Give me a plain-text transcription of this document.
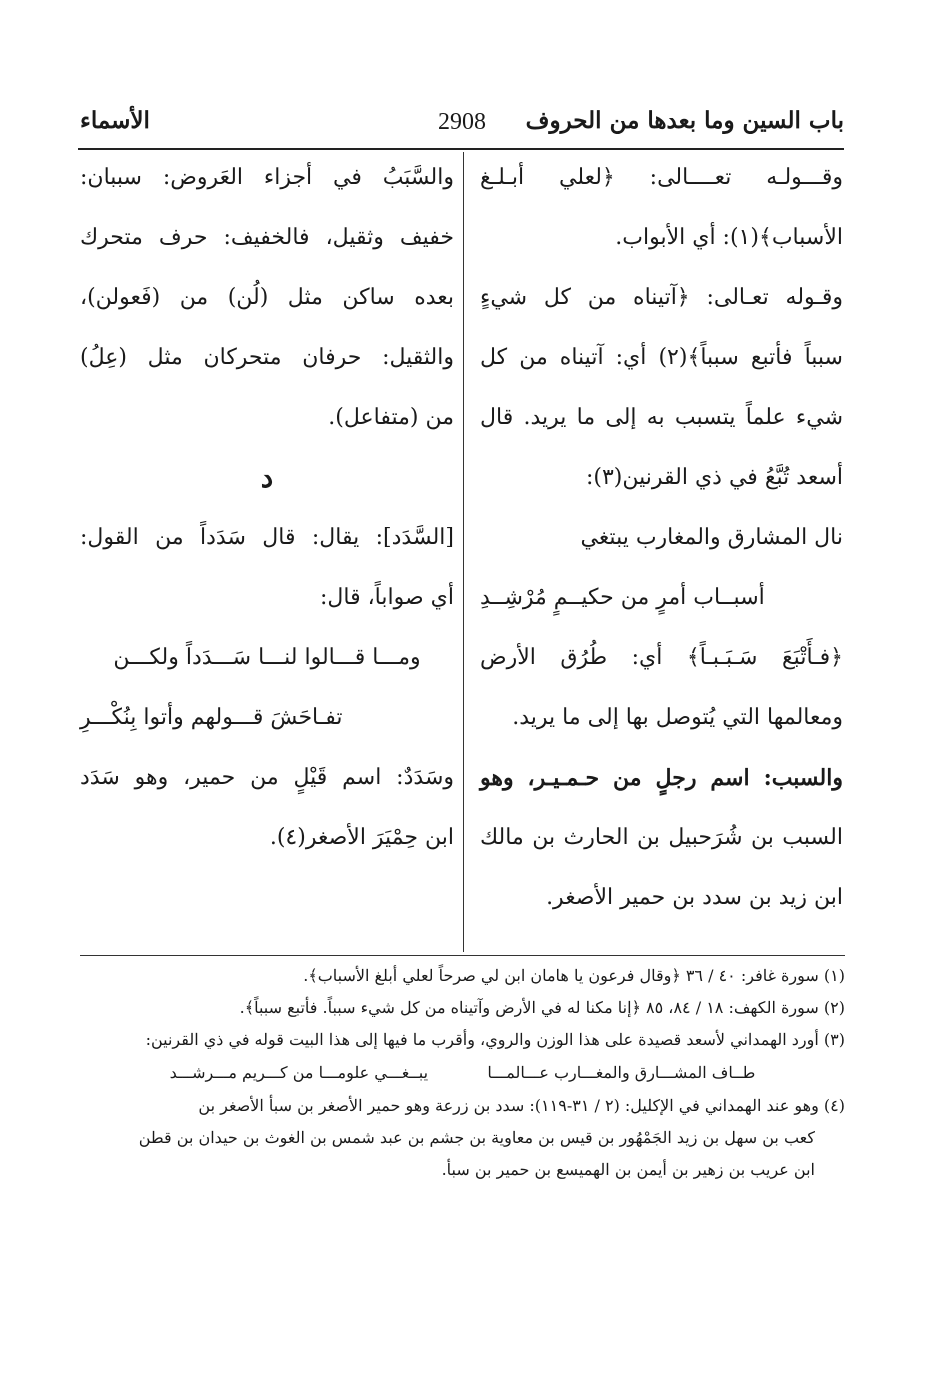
باب السين وما بعدها من الحروف
2908
الأسماء
وقـــولـه تعــــالى: ﴿لعلي أبـلـغ
الأسباب﴾(١): أي الأبواب.
وقـوله تعـالى: ﴿آتيناه من كل شيءٍ
سبباً فأتبع سبباً﴾(٢) أي: آتيناه من كل
شيء علماً يتسبب به إلى ما يريد. قال
أسعد تُبَّعُ في ذي القرنين(٣):
نال المشارق والمغارب يبتغي
أسبــاب أمرٍ من حكيــمٍ مُرْشِــدِ
﴿فـأَتْبَعَ سَـبَـبـاً﴾ أي: طُرُق الأرض
ومعالمها التي يُتوصل بها إلى ما يريد.
والسبب: اسم رجلٍ من حـمـيـر، وهو
السبب بن شُرَحبيل بن الحارث بن مالك
ابن زيد بن سدد بن حمير الأصغر.
والسَّبَبُ في أجزاء العَروض: سببان:
خفيف وثقيل، فالخفيف: حرف متحرك
بعده ساكن مثل (لُن) من (فَعولن)،
والثقيل: حرفان متحركان مثل (عِلُ)
من (متفاعل).
د
[السَّدَد]: يقال: قال سَدَداً من القول:
أي صواباً، قال:
ومـــا قـــالوا لنـــا سَـــدَداً ولكـــن
تفـاحَشَ قـــولهم وأتوا بِنُكْـــرِ
وسَدَدٌ: اسم قَيْلٍ من حمير، وهو سَدَد
ابن حِمْيَرَ الأصغر(٤).
(١) سورة غافر: ٤٠ / ٣٦ ﴿وقال فرعون يا هامان ابن لي صرحاً لعلي أبلغ الأسباب﴾.
(٢) سورة الكهف: ١٨ / ٨٤، ٨٥ ﴿إنا مكنا له في الأرض وآتيناه من كل شيء سبباً. فأتبع سبباً﴾.
(٣) أورد الهمداني لأسعد قصيدة على هذا الوزن والروي، وأقرب ما فيها إلى هذا البيت قوله في ذي القرنين:
طــاف المشـــارق والمغـــارب عـــالمـــا
يبــغـــي علومـــا من كـــريم مـــرشـــد
(٤) وهو عند الهمداني في الإكليل: (٢ / ٣١-١١٩): سدد بن زرعة وهو حمير الأصغر بن سبأ الأصغر بن
كعب بن سهل بن زيد الجَمْهُور بن قيس بن معاوية بن جشم بن عبد شمس بن الغوث بن حيدان بن قطن
ابن عريب بن زهير بن أيمن بن الهميسع بن حمير بن سبأ.
